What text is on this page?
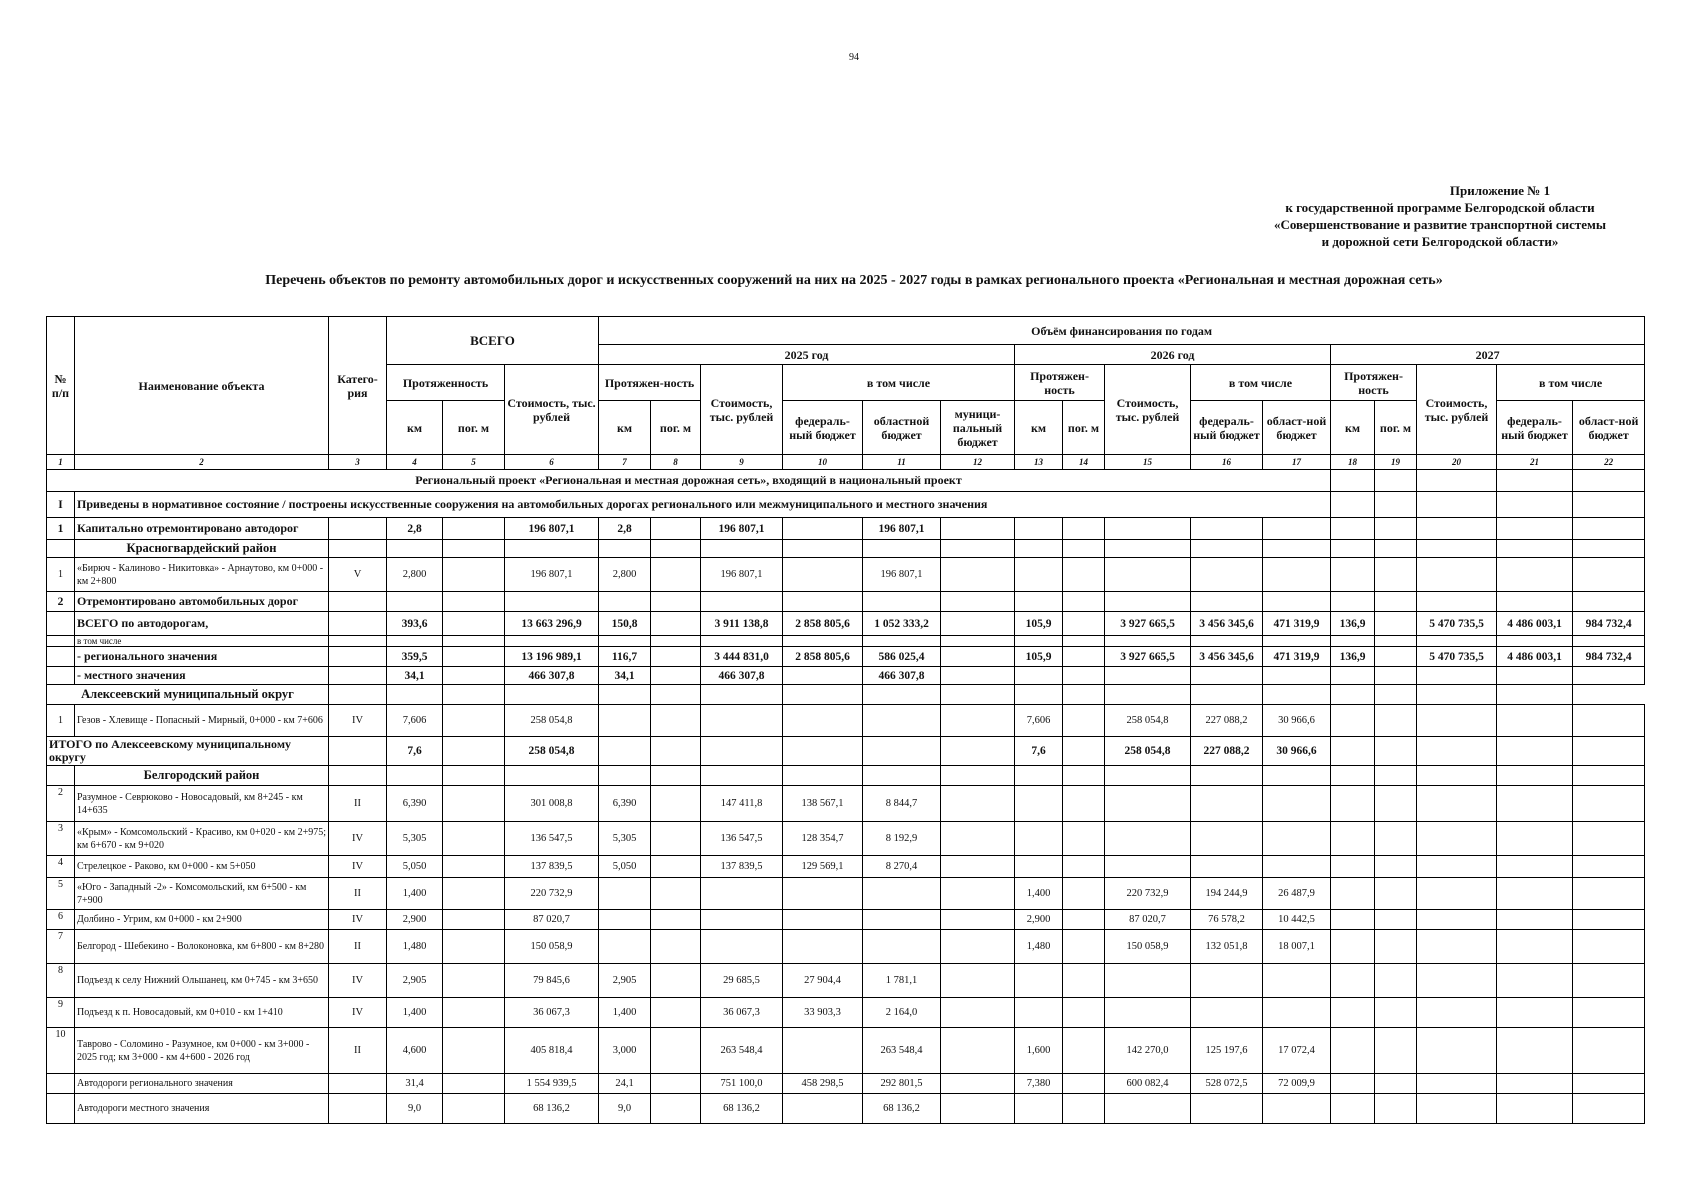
94
Приложение № 1
к государственной программе Белгородской области
«Совершенствование и развитие транспортной системы
и дорожной сети Белгородской области»
Перечень объектов по ремонту автомобильных дорог и искусственных сооружений на них на 2025 - 2027 годы в рамках регионального проекта «Региональная и местная дорожная сеть»
№ п/п	Наименование объекта	Катего-рия	ВСЕГО			Объём финансирования по годам															
						2025 год						2026 год					2027				
			Протяженность		Стоимость, тыс. рублей	Протяжен-ность		Стоимость, тыс. рублей	в том числе			Протяжен-ность		Стоимость, тыс. рублей	в том числе		Протяжен-ность		Стоимость, тыс. рублей	в том числе	
			км	пог. м		км	пог. м		федераль-ный бюджет	областной бюджет	муници-пальный бюджет	км	пог. м		федераль-ный бюджет	област-ной бюджет	км	пог. м		федераль-ный бюджет	област-ной бюджет
1	2	3	4	5	6	7	8	9	10	11	12	13	14	15	16	17	18	19	20	21	22
Региональный проект «Региональная и местная дорожная сеть», входящий в национальный проект																					
I	Приведены в нормативное состояние / построены искусственные сооружения на автомобильных дорогах регионального или межмуниципального и местного значения																				
1	Капитально отремонтировано автодорог		2,8		196 807,1	2,8		196 807,1		196 807,1											
	Красногвардейский район																				
1	«Бирюч - Калиново - Никитовка» - Арнаутово, км 0+000 - км 2+800	V	2,800		196 807,1	2,800		196 807,1		196 807,1											
2	Отремонтировано автомобильных дорог																				
	ВСЕГО по автодорогам,		393,6		13 663 296,9	150,8		3 911 138,8	2 858 805,6	1 052 333,2		105,9		3 927 665,5	3 456 345,6	471 319,9	136,9		5 470 735,5	4 486 003,1	984 732,4
	в том числе																				
	- регионального значения		359,5		13 196 989,1	116,7		3 444 831,0	2 858 805,6	586 025,4		105,9		3 927 665,5	3 456 345,6	471 319,9	136,9		5 470 735,5	4 486 003,1	984 732,4
	- местного значения		34,1		466 307,8	34,1		466 307,8		466 307,8											
Алексеевский муниципальный округ																					
1	Гезов - Хлевище - Попасный - Мирный, 0+000 - км 7+606	IV	7,606		258 054,8							7,606		258 054,8	227 088,2	30 966,6					
ИТОГО по Алексеевскому муниципальному округу			7,6		258 054,8							7,6		258 054,8	227 088,2	30 966,6					
	Белгородский район																				
2	Разумное - Севрюково - Новосадовый, км 8+245 - км 14+635	II	6,390		301 008,8	6,390		147 411,8	138 567,1	8 844,7											
3	«Крым» - Комсомольский - Красиво, км 0+020 - км 2+975; км 6+670 - км 9+020	IV	5,305		136 547,5	5,305		136 547,5	128 354,7	8 192,9											
4	Стрелецкое - Раково, км 0+000 - км 5+050	IV	5,050		137 839,5	5,050		137 839,5	129 569,1	8 270,4											
5	«Юго - Западный -2» - Комсомольский, км 6+500 - км 7+900	II	1,400		220 732,9							1,400		220 732,9	194 244,9	26 487,9					
6	Долбино - Угрим, км 0+000 - км 2+900	IV	2,900		87 020,7							2,900		87 020,7	76 578,2	10 442,5					
7	Белгород - Шебекино - Волоконовка, км 6+800 - км 8+280	II	1,480		150 058,9							1,480		150 058,9	132 051,8	18 007,1					
8	Подъезд к селу Нижний Ольшанец, км 0+745 - км 3+650	IV	2,905		79 845,6	2,905		29 685,5	27 904,4	1 781,1											
9	Подъезд к п. Новосадовый, км 0+010 - км 1+410	IV	1,400		36 067,3	1,400		36 067,3	33 903,3	2 164,0											
10	Таврово - Соломино - Разумное, км 0+000 - км 3+000 - 2025 год; км 3+000 - км 4+600 - 2026 год	II	4,600		405 818,4	3,000		263 548,4		263 548,4		1,600		142 270,0	125 197,6	17 072,4					
	Автодороги регионального значения		31,4		1 554 939,5	24,1		751 100,0	458 298,5	292 801,5		7,380		600 082,4	528 072,5	72 009,9					
	Автодороги местного значения		9,0		68 136,2	9,0		68 136,2		68 136,2											
